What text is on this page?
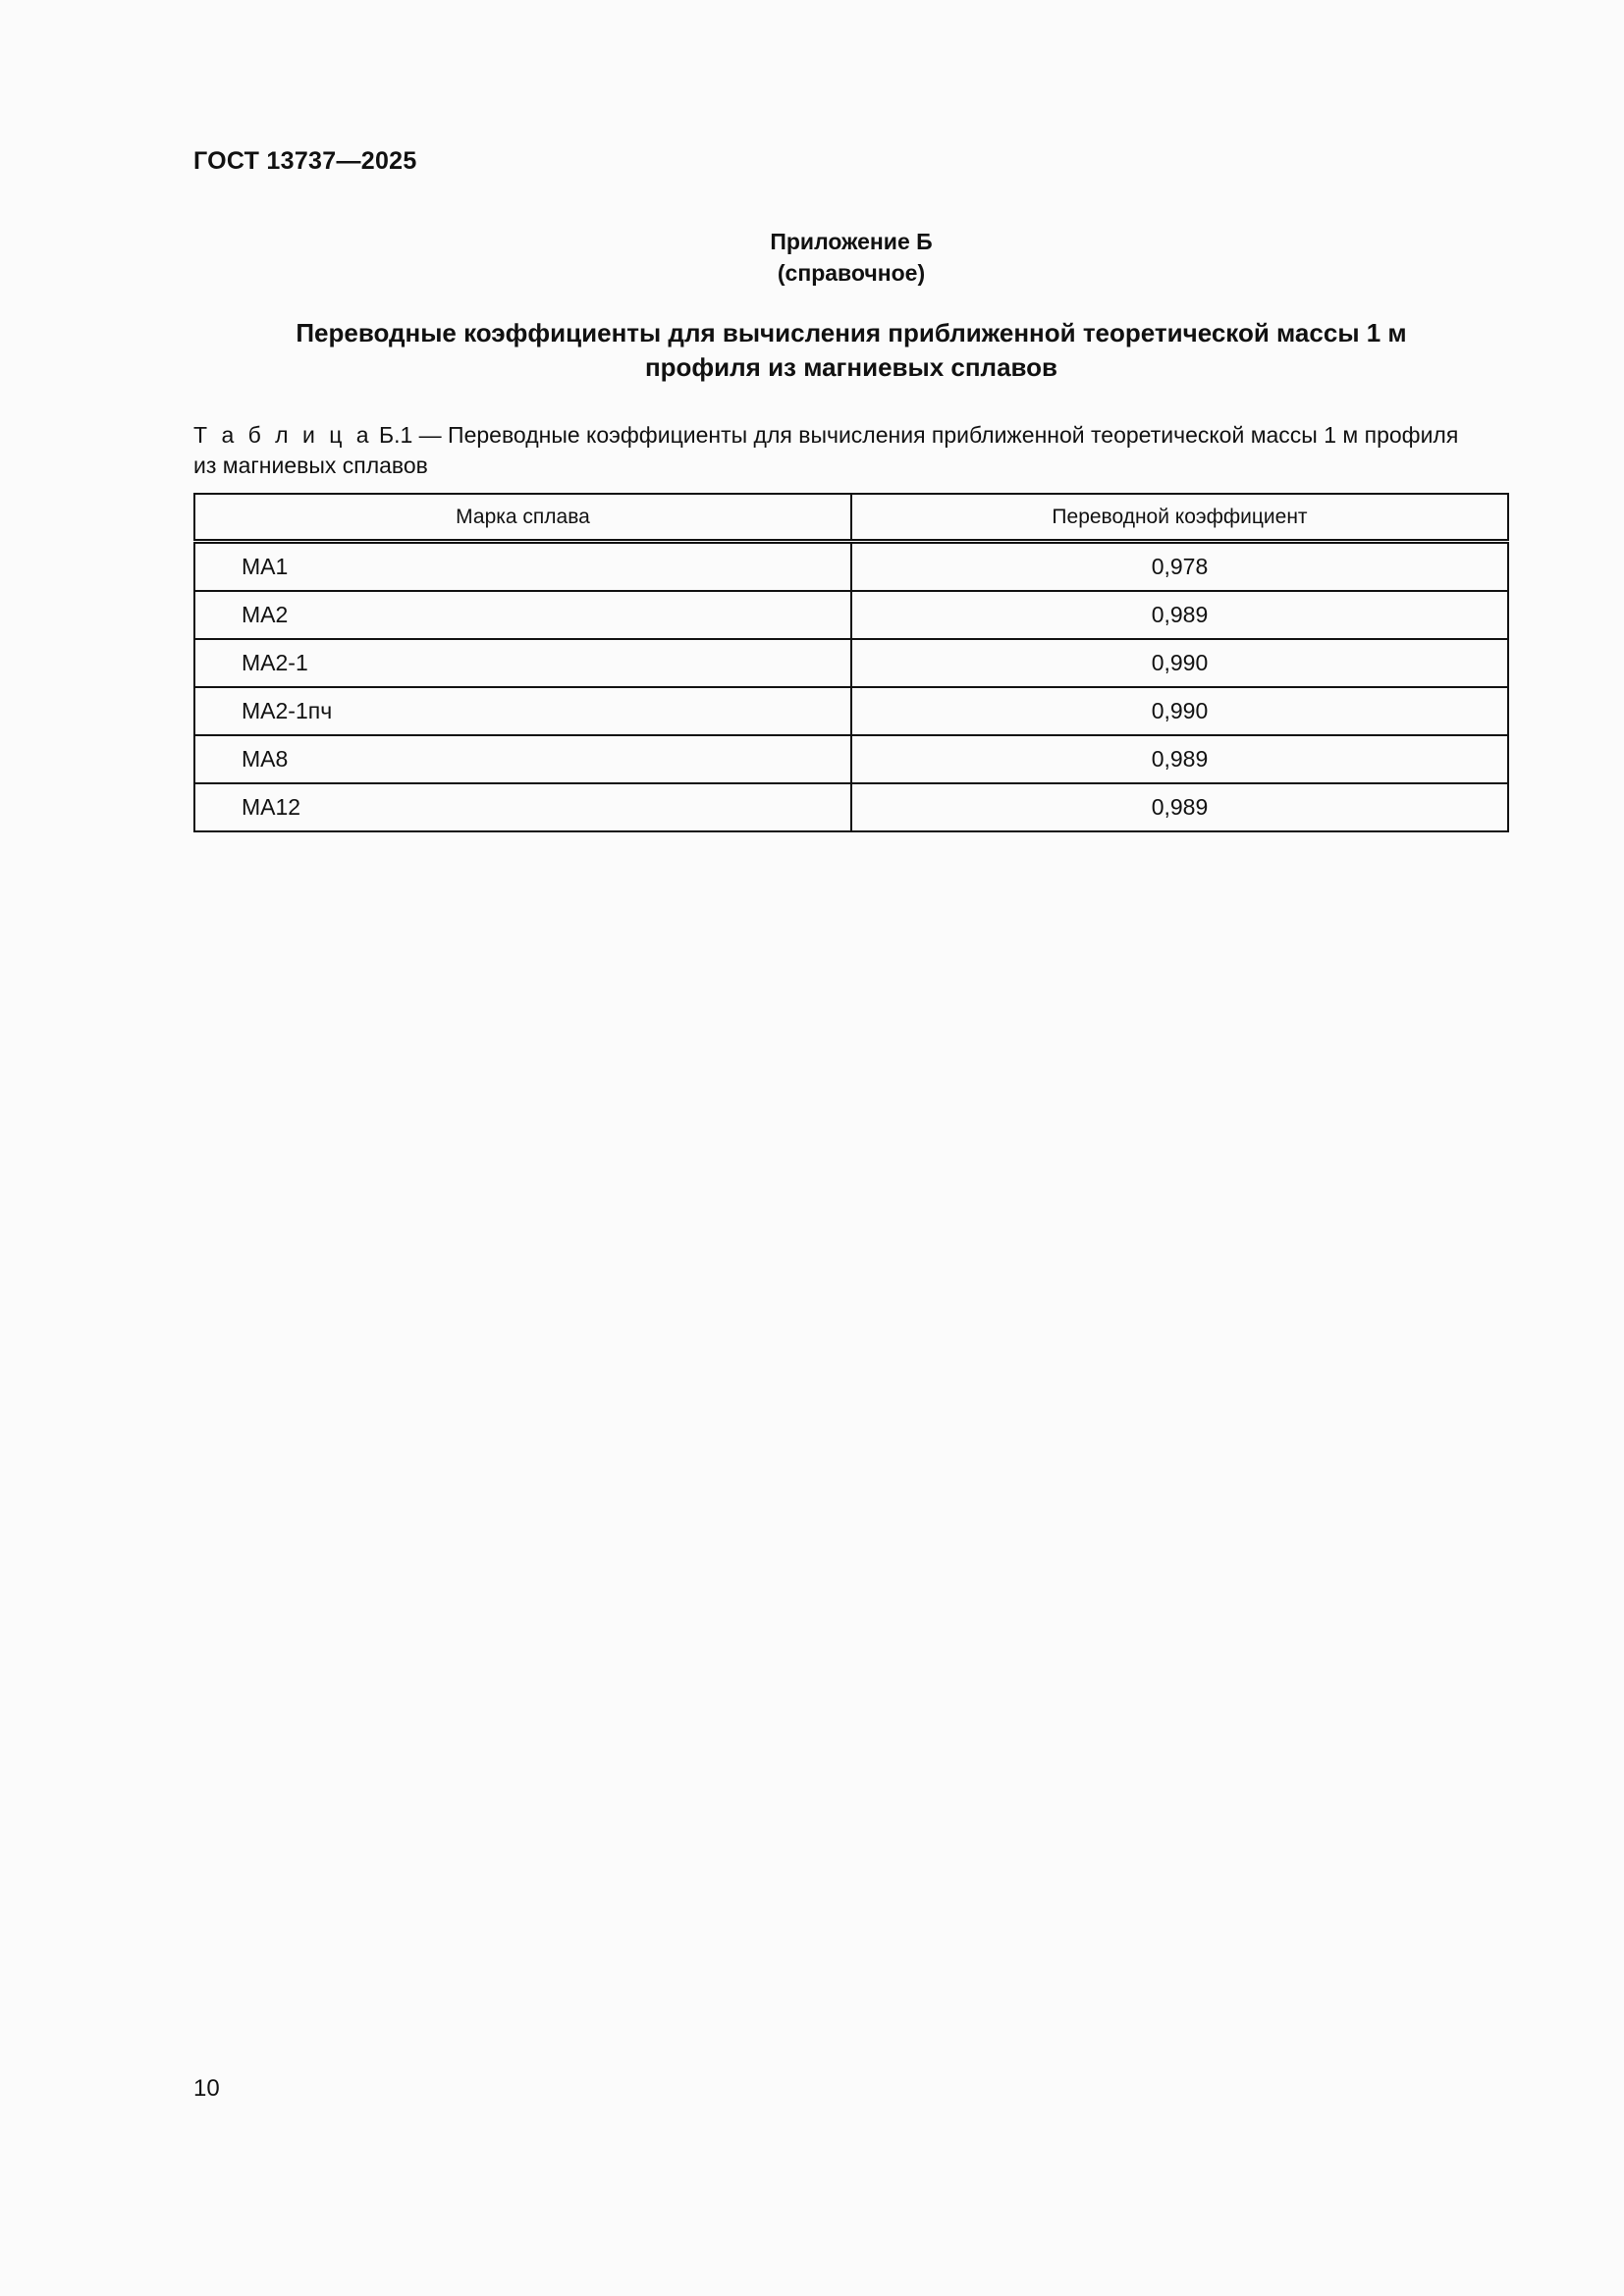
ГОСТ 13737—2025
Приложение Б
(справочное)
Переводные коэффициенты для вычисления приближенной теоретической массы 1 м
профиля из магниевых сплавов
Т а б л и ц а Б.1 — Переводные коэффициенты для вычисления приближенной теоретической массы 1 м профиля
из магниевых сплавов
Марка сплава	Переводной коэффициент
МА1	0,978
МА2	0,989
МА2-1	0,990
МА2-1пч	0,990
МА8	0,989
МА12	0,989
10
